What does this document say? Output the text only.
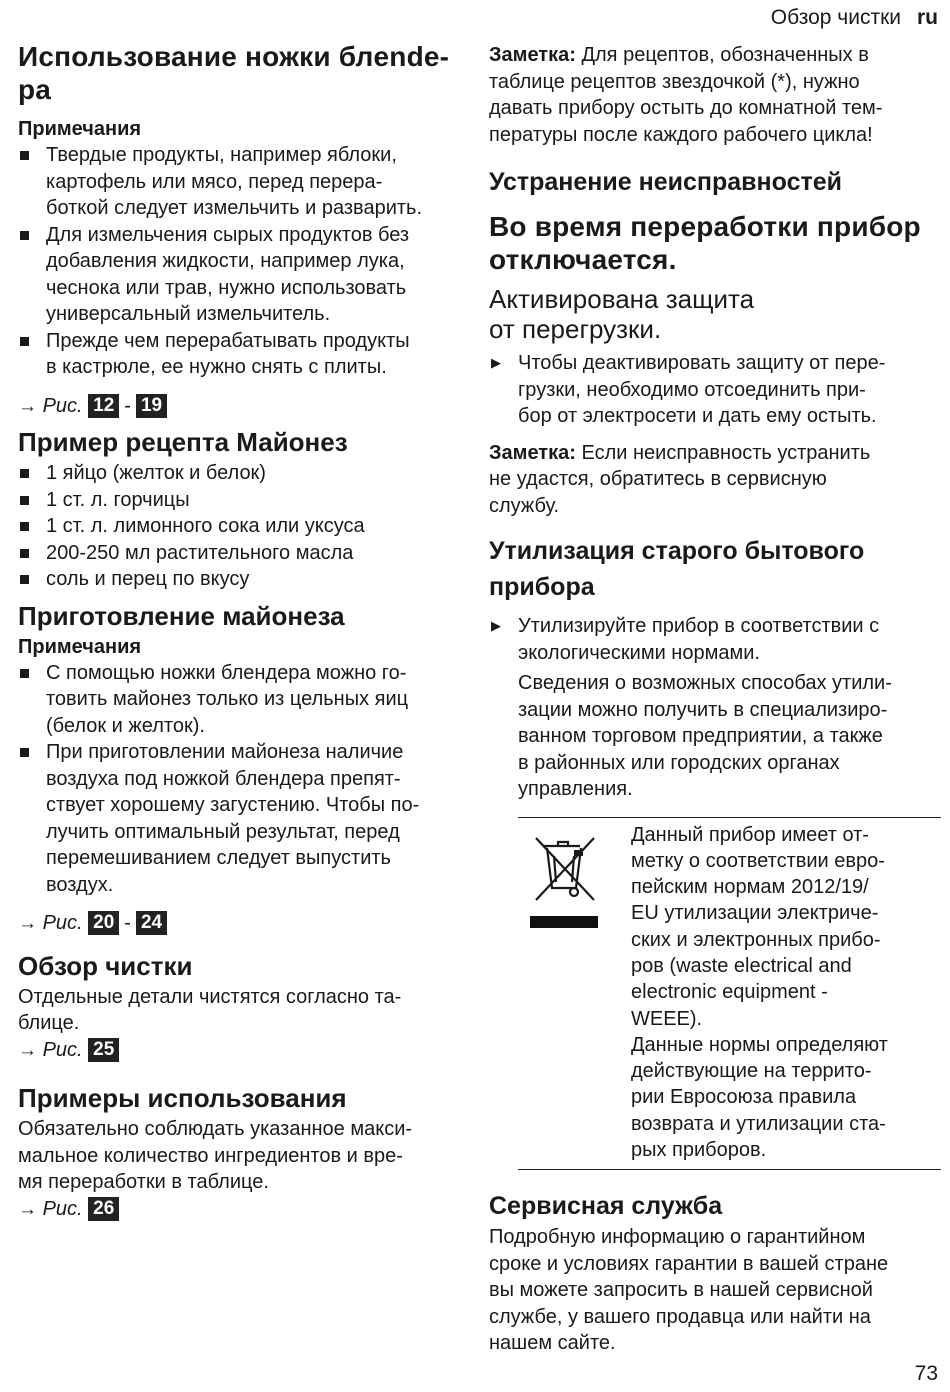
Обзор чистки ru
Использование ножки блende-
ра
Примечания
Твердые продукты, например яблоки,
картофель или мясо, перед перера-
боткой следует измельчить и разварить.
Для измельчения сырых продуктов без
добавления жидкости, например лука,
чеснока или трав, нужно использовать
универсальный измельчитель.
Прежде чем перерабатывать продукты
в кастрюле, ее нужно снять с плиты.
→ Рис. 12 - 19
Пример рецепта Майонез
1 яйцо (желток и белок)
1 ст. л. горчицы
1 ст. л. лимонного сока или уксуса
200-250 мл растительного масла
соль и перец по вкусу
Приготовление майонеза
Примечания
С помощью ножки блендера можно го-
товить майонез только из цельных яиц
(белок и желток).
При приготовлении майонеза наличие
воздуха под ножкой блендера препят-
ствует хорошему загустению. Чтобы по-
лучить оптимальный результат, перед
перемешиванием следует выпустить
воздух.
→ Рис. 20 - 24
Обзор чистки

Отдельные детали чистятся согласно та-
блице.

→ Рис. 25
Примеры использования

Обязательно соблюдать указанное макси-
мальное количество ингредиентов и вре-
мя переработки в таблице.

→ Рис. 26

Заметка: Для рецептов, обозначенных в
таблице рецептов звездочкой (*), нужно
давать прибору остыть до комнатной тем-
пературы после каждого рабочего цикла!

Устранение неисправностей
Во время переработки прибор
отключается.
Активирована защита
от перегрузки.
▶ Чтобы деактивировать защиту от пере-
грузки, необходимо отсоединить при-
бор от электросети и дать ему остыть.

Заметка: Если неисправность устранить
не удастся, обратитесь в сервисную
службу.

Утилизация старого бытового
прибора
▶ Утилизируйте прибор в соответствии с
экологическими нормами.
Сведения о возможных способах утили-
зации можно получить в специализиро-
ванном торговом предприятии, а также
в районных или городских органах
управления.

Данный прибор имеет от-
метку о соответствии евро-
пейским нормам 2012/19/
EU утилизации электриче-
ских и электронных прибо-
ров (waste electrical and
electronic equipment -
WEEE).
Данные нормы определяют
действующие на террито-
рии Евросоюза правила
возврата и утилизации ста-
рых приборов.

Сервисная служба

Подробную информацию о гарантийном
сроке и условиях гарантии в вашей стране
вы можете запросить в нашей сервисной
службе, у вашего продавца или найти на
нашем сайте.

73
